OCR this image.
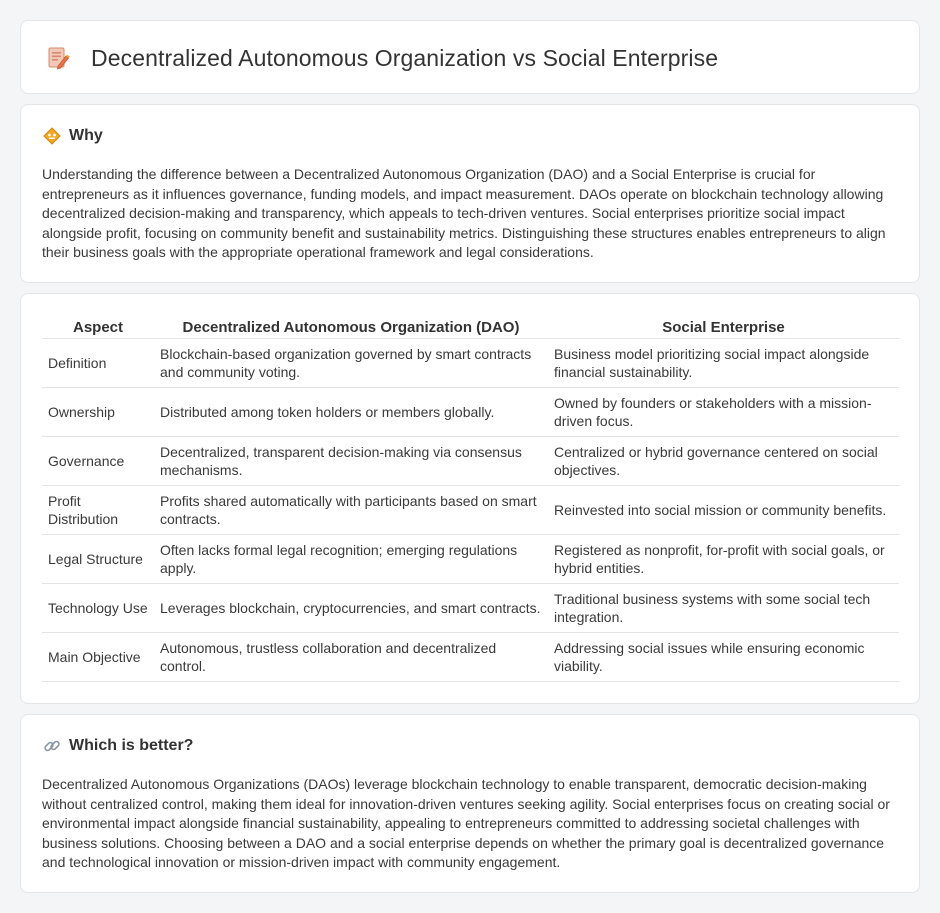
Decentralized Autonomous Organization vs Social Enterprise
Why

Understanding the difference between a Decentralized Autonomous Organization (DAO) and a Social Enterprise is crucial for entrepreneurs as it influences governance, funding models, and impact measurement. DAOs operate on blockchain technology allowing decentralized decision-making and transparency, which appeals to tech-driven ventures. Social enterprises prioritize social impact alongside profit, focusing on community benefit and sustainability metrics. Distinguishing these structures enables entrepreneurs to align their business goals with the appropriate operational framework and legal considerations.

Aspect	Decentralized Autonomous Organization (DAO)	Social Enterprise
Definition	Blockchain-based organization governed by smart contracts and community voting.	Business model prioritizing social impact alongside financial sustainability.
Ownership	Distributed among token holders or members globally.	Owned by founders or stakeholders with a mission-driven focus.
Governance	Decentralized, transparent decision-making via consensus mechanisms.	Centralized or hybrid governance centered on social objectives.
Profit Distribution	Profits shared automatically with participants based on smart contracts.	Reinvested into social mission or community benefits.
Legal Structure	Often lacks formal legal recognition; emerging regulations apply.	Registered as nonprofit, for-profit with social goals, or hybrid entities.
Technology Use	Leverages blockchain, cryptocurrencies, and smart contracts.	Traditional business systems with some social tech integration.
Main Objective	Autonomous, trustless collaboration and decentralized control.	Addressing social issues while ensuring economic viability.
Which is better?

Decentralized Autonomous Organizations (DAOs) leverage blockchain technology to enable transparent, democratic decision-making without centralized control, making them ideal for innovation-driven ventures seeking agility. Social enterprises focus on creating social or environmental impact alongside financial sustainability, appealing to entrepreneurs committed to addressing societal challenges with business solutions. Choosing between a DAO and a social enterprise depends on whether the primary goal is decentralized governance and technological innovation or mission-driven impact with community engagement.
